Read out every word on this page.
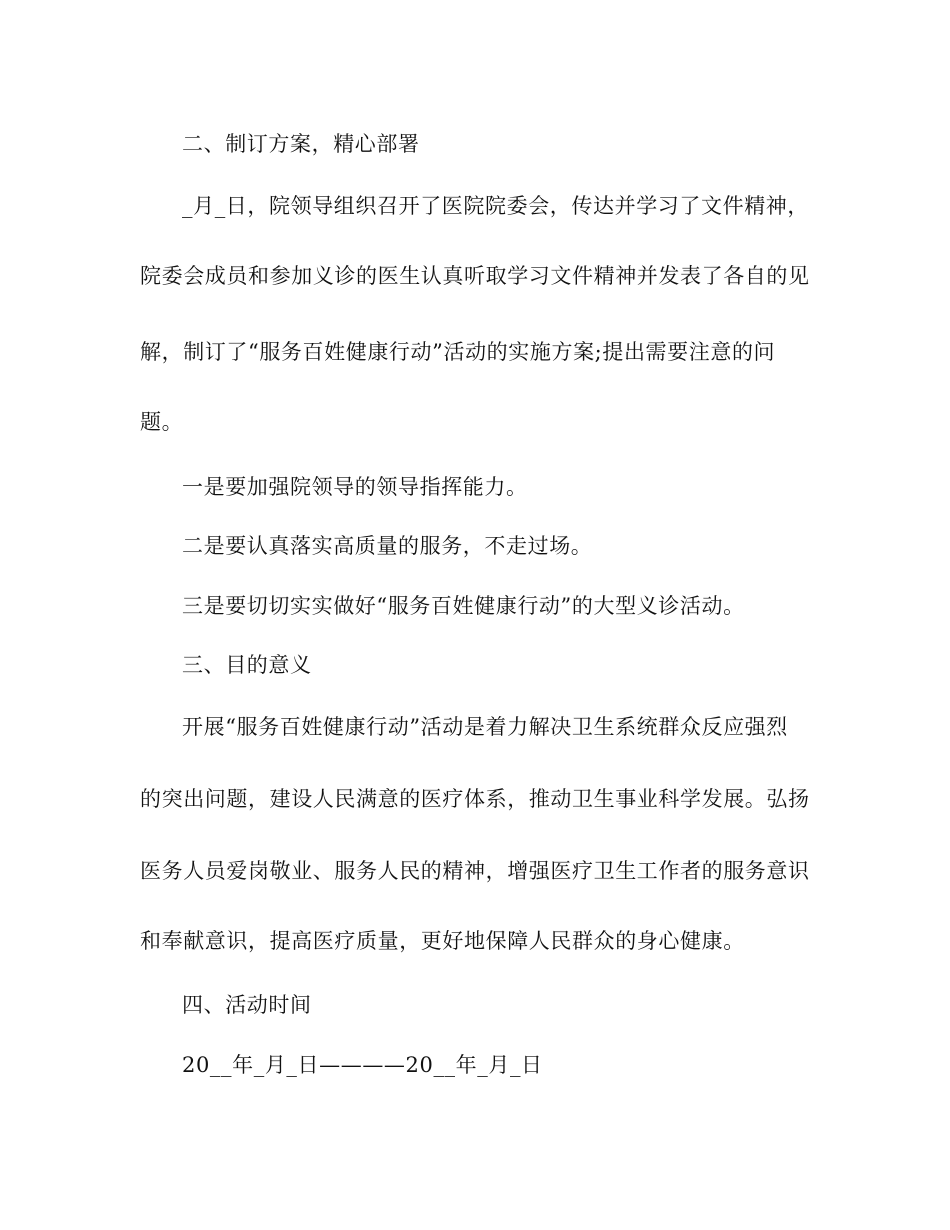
二、制订方案，精心部署
_月_日，院领导组织召开了医院院委会，传达并学习了文件精神，
院委会成员和参加义诊的医生认真听取学习文件精神并发表了各自的见
解，制订了“服务百姓健康行动”活动的实施方案;提出需要注意的问
题。
一是要加强院领导的领导指挥能力。
二是要认真落实高质量的服务，不走过场。
三是要切切实实做好“服务百姓健康行动”的大型义诊活动。
三、目的意义
开展“服务百姓健康行动”活动是着力解决卫生系统群众反应强烈
的突出问题，建设人民满意的医疗体系，推动卫生事业科学发展。弘扬
医务人员爱岗敬业、服务人民的精神，增强医疗卫生工作者的服务意识
和奉献意识，提高医疗质量，更好地保障人民群众的身心健康。
四、活动时间
20__年_月_日————20__年_月_日
